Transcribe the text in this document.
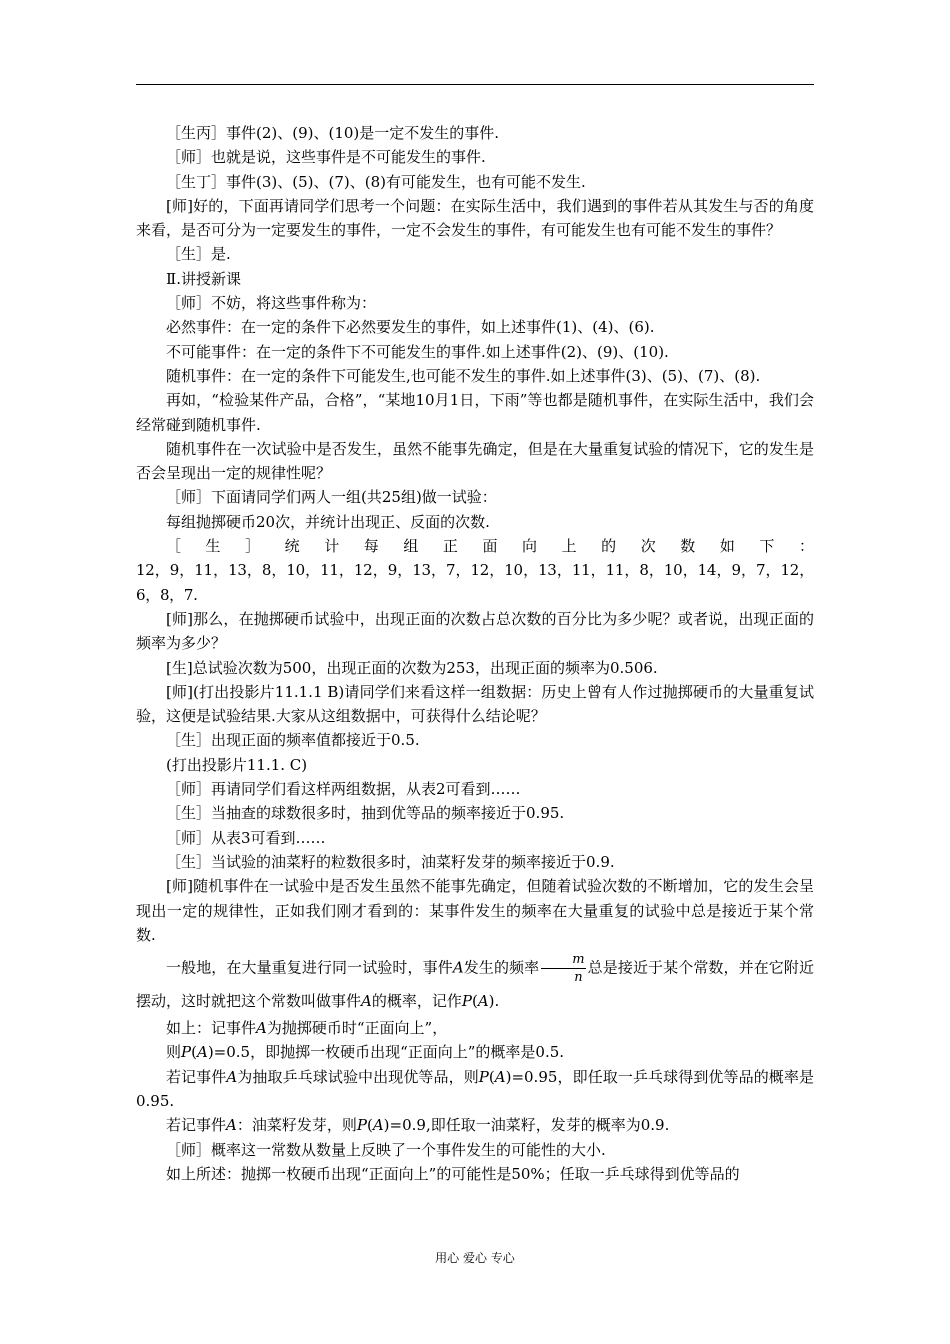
［生丙］事件(2)、(9)、(10)是一定不发生的事件.

［师］也就是说，这些事件是不可能发生的事件.

［生丁］事件(3)、(5)、(7)、(8)有可能发生，也有可能不发生.

[师]好的，下面再请同学们思考一个问题：在实际生活中，我们遇到的事件若从其发生与否的角度来看，是否可分为一定要发生的事件，一定不会发生的事件，有可能发生也有可能不发生的事件？

［生］是.

Ⅱ.讲授新课

［师］不妨，将这些事件称为：

必然事件：在一定的条件下必然要发生的事件，如上述事件(1)、(4)、(6).

不可能事件：在一定的条件下不可能发生的事件.如上述事件(2)、(9)、(10).

随机事件：在一定的条件下可能发生,也可能不发生的事件.如上述事件(3)、(5)、(7)、(8).

再如，“检验某件产品，合格”，“某地10月1日，下雨”等也都是随机事件，在实际生活中，我们会经常碰到随机事件.

随机事件在一次试验中是否发生，虽然不能事先确定，但是在大量重复试验的情况下，它的发生是否会呈现出一定的规律性呢？

［师］下面请同学们两人一组(共25组)做一试验：

每组抛掷硬币20次，并统计出现正、反面的次数.

［生］统计每组正面向上的次数如下：

12，9，11，13，8，10，11，12，9，13，7，12，10，13，11，11，8，10，14，9，7，12，6，8，7.

[师]那么，在抛掷硬币试验中，出现正面的次数占总次数的百分比为多少呢？或者说，出现正面的频率为多少？

[生]总试验次数为500，出现正面的次数为253，出现正面的频率为0.506.

[师](打出投影片11.1.1 B)请同学们来看这样一组数据：历史上曾有人作过抛掷硬币的大量重复试验，这便是试验结果.大家从这组数据中，可获得什么结论呢？

［生］出现正面的频率值都接近于0.5.

(打出投影片11.1. C)

［师］再请同学们看这样两组数据，从表2可看到……

［生］当抽查的球数很多时，抽到优等品的频率接近于0.95.

［师］从表3可看到……

［生］当试验的油菜籽的粒数很多时，油菜籽发芽的频率接近于0.9.

[师]随机事件在一试验中是否发生虽然不能事先确定，但随着试验次数的不断增加，它的发生会呈现出一定的规律性，正如我们刚才看到的：某事件发生的频率在大量重复的试验中总是接近于某个常数.

一般地，在大量重复进行同一试验时，事件A发生的频率 $\frac{m}{n}$ 总是接近于某个常数，并在它附近摆动，这时就把这个常数叫做事件A的概率，记作P(A).

如上：记事件A为抛掷硬币时“正面向上”，

则P(A)=0.5，即抛掷一枚硬币出现“正面向上”的概率是0.5.

若记事件A为抽取乒乓球试验中出现优等品，则P(A)=0.95，即任取一乒乓球得到优等品的概率是0.95.

若记事件A：油菜籽发芽，则P(A)=0.9,即任取一油菜籽，发芽的概率为0.9.

［师］概率这一常数从数量上反映了一个事件发生的可能性的大小.

如上所述：抛掷一枚硬币出现“正面向上”的可能性是50%；任取一乒乓球得到优等品的

用心 爱心 专心
